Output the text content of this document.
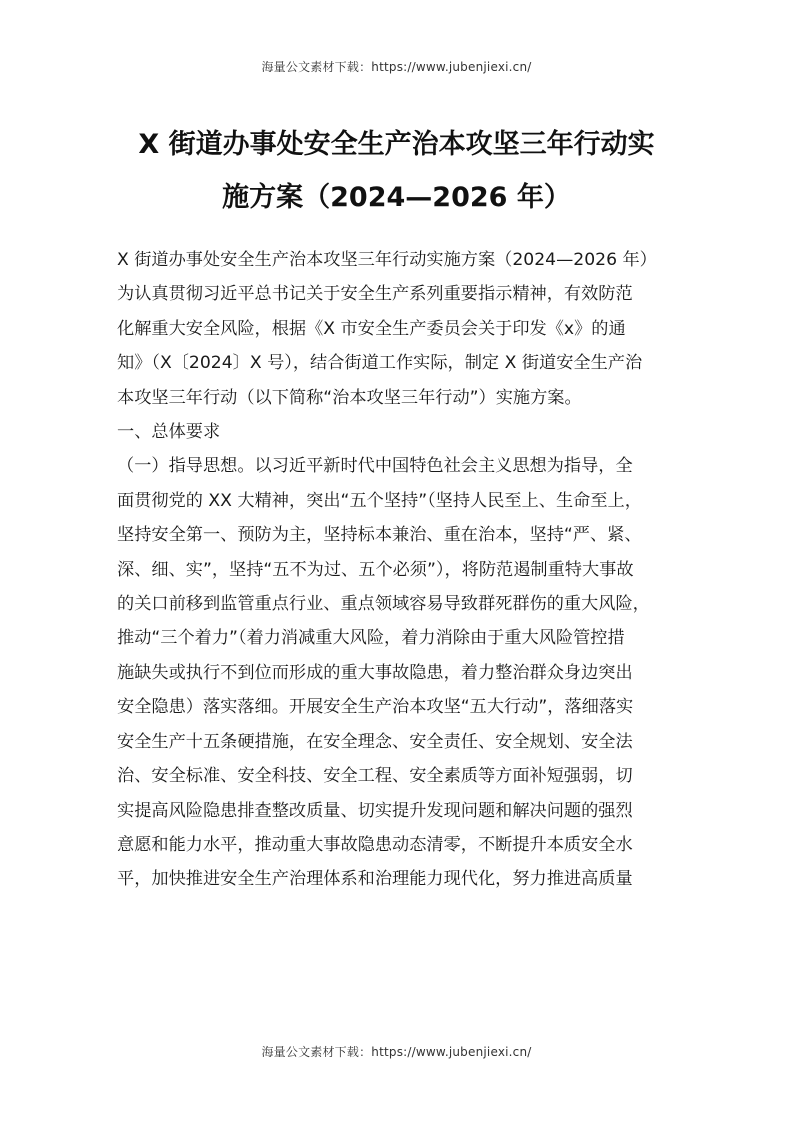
海量公文素材下载：https://www.jubenjiexi.cn/
X 街道办事处安全生产治本攻坚三年行动实
施方案（2024—2026 年）

X 街道办事处安全生产治本攻坚三年行动实施方案（2024—2026 年）

为认真贯彻习近平总书记关于安全生产系列重要指示精神，有效防范

化解重大安全风险，根据《X 市安全生产委员会关于印发《x》的通

知》（X〔2024〕X 号），结合街道工作实际，制定 X 街道安全生产治

本攻坚三年行动（以下简称“治本攻坚三年行动”）实施方案。

一、总体要求

（一）指导思想。以习近平新时代中国特色社会主义思想为指导，全

面贯彻党的 XX 大精神，突出“五个坚持”（坚持人民至上、生命至上，

坚持安全第一、预防为主，坚持标本兼治、重在治本，坚持“严、紧、

深、细、实”，坚持“五不为过、五个必须”），将防范遏制重特大事故

的关口前移到监管重点行业、重点领域容易导致群死群伤的重大风险，

推动“三个着力”（着力消减重大风险，着力消除由于重大风险管控措

施缺失或执行不到位而形成的重大事故隐患，着力整治群众身边突出

安全隐患）落实落细。开展安全生产治本攻坚“五大行动”，落细落实

安全生产十五条硬措施，在安全理念、安全责任、安全规划、安全法

治、安全标准、安全科技、安全工程、安全素质等方面补短强弱，切

实提高风险隐患排查整改质量、切实提升发现问题和解决问题的强烈

意愿和能力水平，推动重大事故隐患动态清零，不断提升本质安全水

平，加快推进安全生产治理体系和治理能力现代化，努力推进高质量

海量公文素材下载：https://www.jubenjiexi.cn/
